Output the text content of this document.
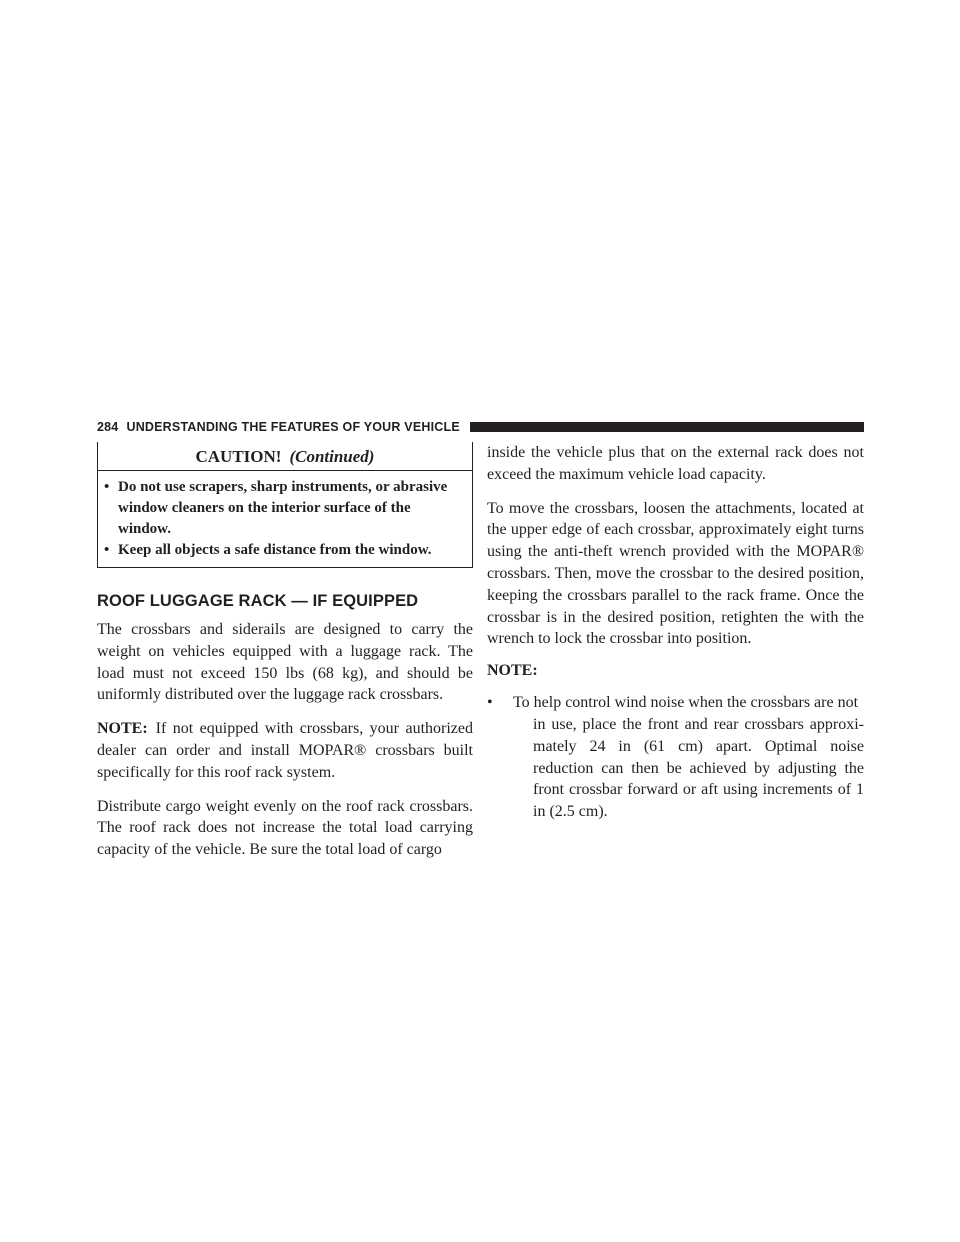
284 UNDERSTANDING THE FEATURES OF YOUR VEHICLE
CAUTION! (Continued)
• Do not use scrapers, sharp instruments, or abrasive window cleaners on the interior surface of the window.
• Keep all objects a safe distance from the window.
ROOF LUGGAGE RACK — IF EQUIPPED

The crossbars and siderails are designed to carry the weight on vehicles equipped with a luggage rack. The load must not exceed 150 lbs (68 kg), and should be uniformly distributed over the luggage rack crossbars.

NOTE: If not equipped with crossbars, your authorized dealer can order and install MOPAR® crossbars built specifically for this roof rack system.

Distribute cargo weight evenly on the roof rack crossbars. The roof rack does not increase the total load carrying capacity of the vehicle. Be sure the total load of cargo

inside the vehicle plus that on the external rack does not exceed the maximum vehicle load capacity.

To move the crossbars, loosen the attachments, located at the upper edge of each crossbar, approximately eight turns using the anti-theft wrench provided with the MOPAR® crossbars. Then, move the crossbar to the desired position, keeping the crossbars parallel to the rack frame. Once the crossbar is in the desired position, retighten the with the wrench to lock the crossbar into position.

NOTE:
•	To help control wind noise when the crossbars are not
in use, place the front and rear crossbars approxi-mately 24 in (61 cm) apart. Optimal noise reduction can then be achieved by adjusting the front crossbar forward or aft using increments of 1 in (2.5 cm).
